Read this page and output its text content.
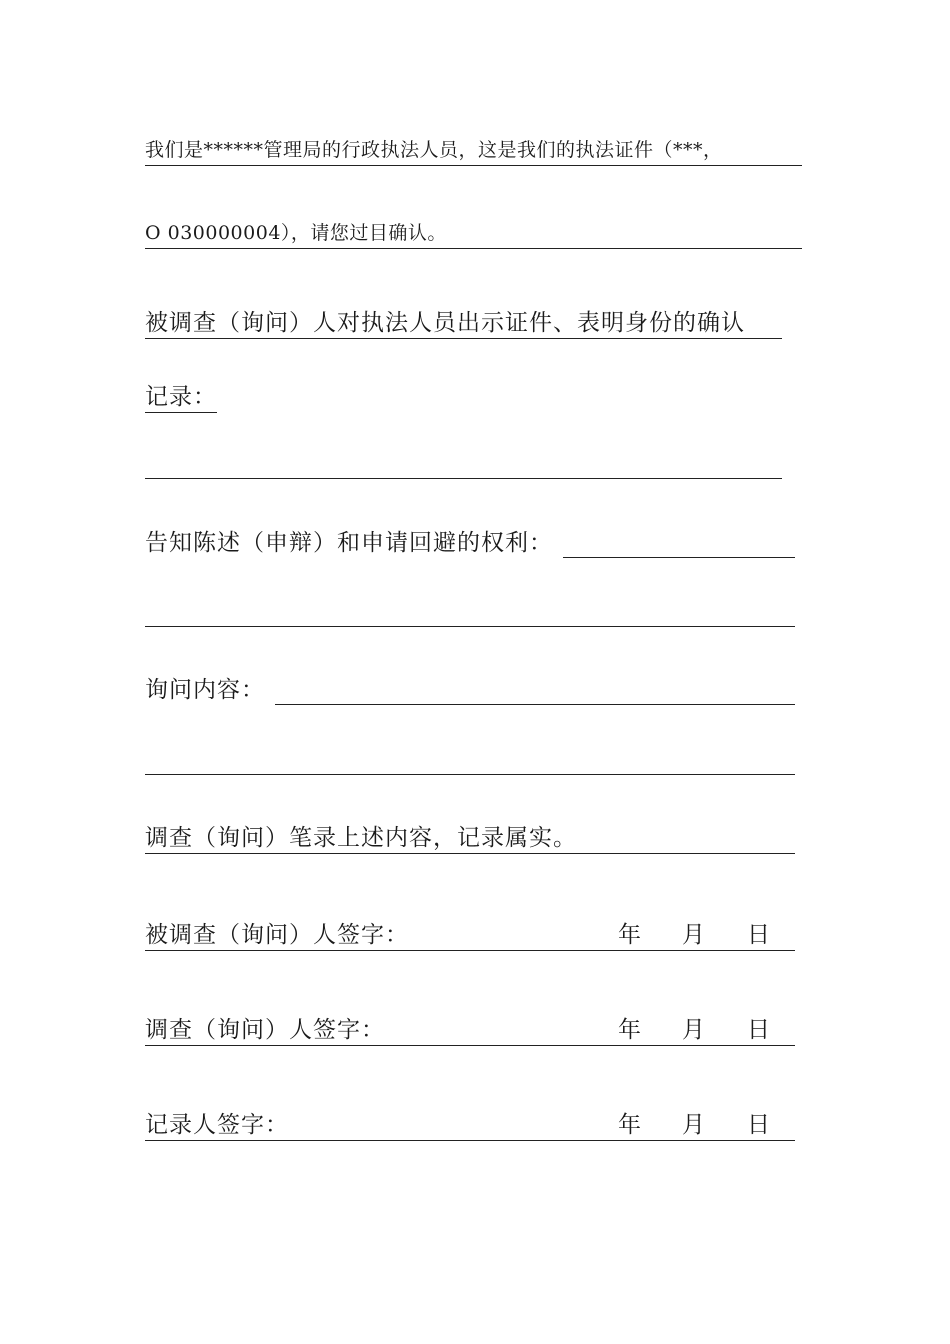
我们是******管理局的行政执法人员，这是我们的执法证件（***，
O 030000004），请您过目确认。
被调查（询问）人对执法人员出示证件、表明身份的确认
记录：
告知陈述（申辩）和申请回避的权利：
询问内容：
调查（询问）笔录上述内容，记录属实。
被调查（询问）人签字：	年 月 日
调查（询问）人签字：	年 月 日
记录人签字：	年 月 日
